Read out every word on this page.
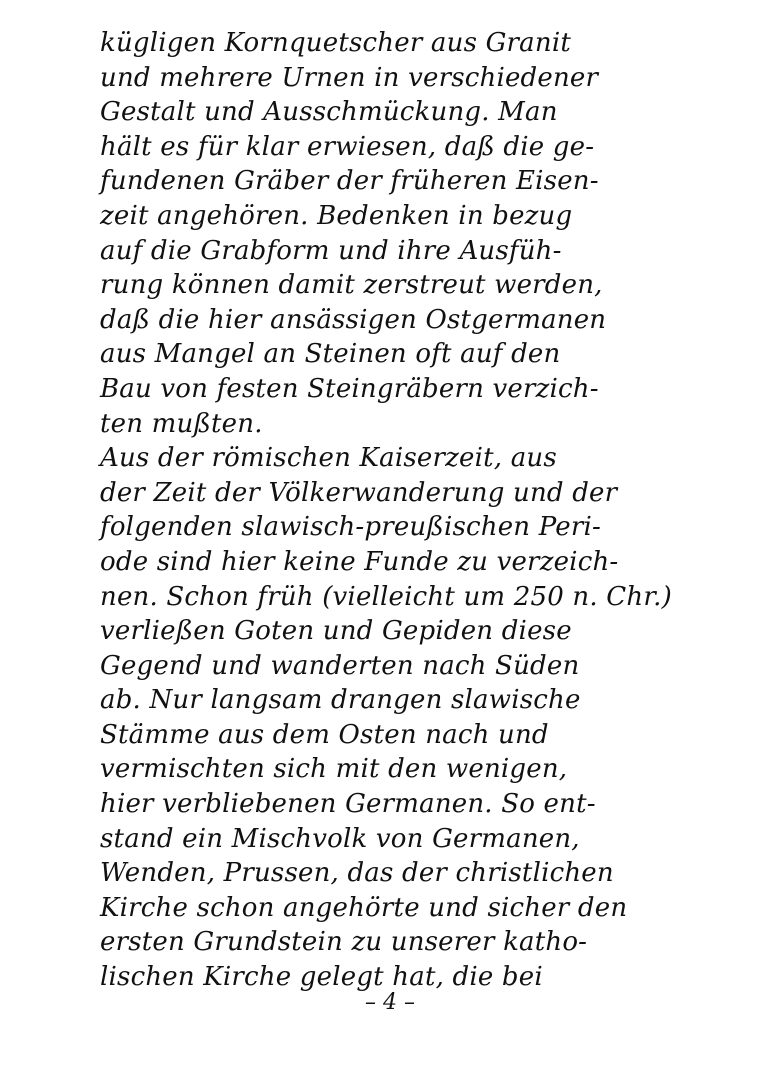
kügligen Kornquetscher aus Granit
und mehrere Urnen in verschiedener
Gestalt und Ausschmückung. Man
hält es für klar erwiesen, daß die ge-
fundenen Gräber der früheren Eisen-
zeit angehören. Bedenken in bezug
auf die Grabform und ihre Ausfüh-
rung können damit zerstreut werden,
daß die hier ansässigen Ostgermanen
aus Mangel an Steinen oft auf den
Bau von festen Steingräbern verzich-
ten mußten.
Aus der römischen Kaiserzeit, aus
der Zeit der Völkerwanderung und der
folgenden slawisch-preußischen Peri-
ode sind hier keine Funde zu verzeich-
nen. Schon früh (vielleicht um 250 n. Chr.)
verließen Goten und Gepiden diese
Gegend und wanderten nach Süden
ab. Nur langsam drangen slawische
Stämme aus dem Osten nach und
vermischten sich mit den wenigen,
hier verbliebenen Germanen. So ent-
stand ein Mischvolk von Germanen,
Wenden, Prussen, das der christlichen
Kirche schon angehörte und sicher den
ersten Grundstein zu unserer katho-
lischen Kirche gelegt hat, die bei
– 4 –
